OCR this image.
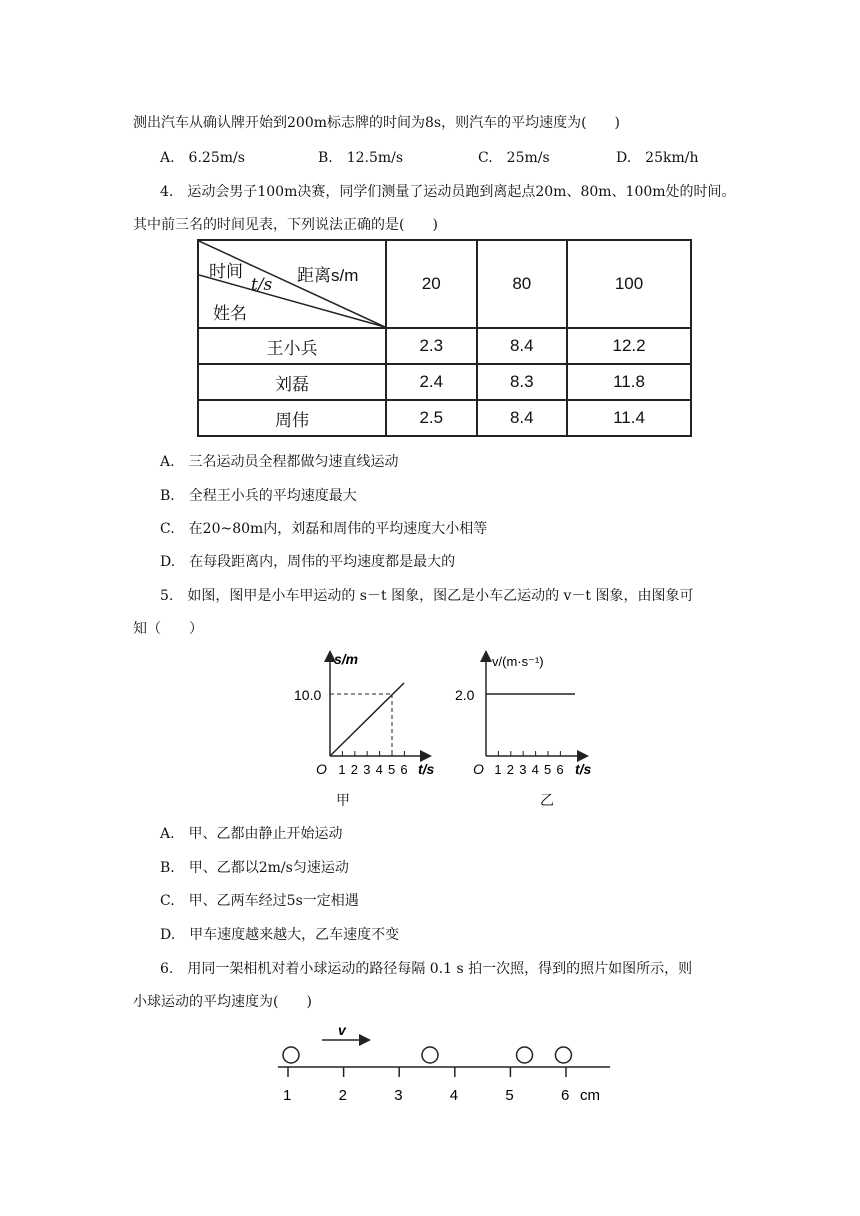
测出汽车从确认牌开始到200m标志牌的时间为8s，则汽车的平均速度为(　　)
A.　6.25m/s	B.　12.5m/s	C.　25m/s	D.　25km/h
4.　运动会男子100m决赛，同学们测量了运动员跑到离起点20m、80m、100m处的时间。
其中前三名的时间见表，下列说法正确的是(　　)
时间
t/s 距离s/m
姓名	20	80	100
王小兵	2.3	8.4	12.2
刘磊	2.4	8.3	11.8
周伟	2.5	8.4	11.4
A.　三名运动员全程都做匀速直线运动
B.　全程王小兵的平均速度最大
C.　在20~80m内，刘磊和周伟的平均速度大小相等
D.　在每段距离内，周伟的平均速度都是最大的
5.　如图，图甲是小车甲运动的 s－t 图象，图乙是小车乙运动的 v－t 图象，由图象可
知（　　）
1 2 3 4 5 6
s/m
10.0
O	t/s
甲
1 2 3 4 5 6
v/(m·s⁻¹)
2.0
O	t/s
乙
A.　甲、乙都由静止开始运动
B.　甲、乙都以2m/s匀速运动
C.　甲、乙两车经过5s一定相遇
D.　甲车速度越来越大，乙车速度不变
6.　用同一架相机对着小球运动的路径每隔 0.1 s 拍一次照，得到的照片如图所示，则
小球运动的平均速度为(　　)
v
1	2	3	4	5	6 cm
